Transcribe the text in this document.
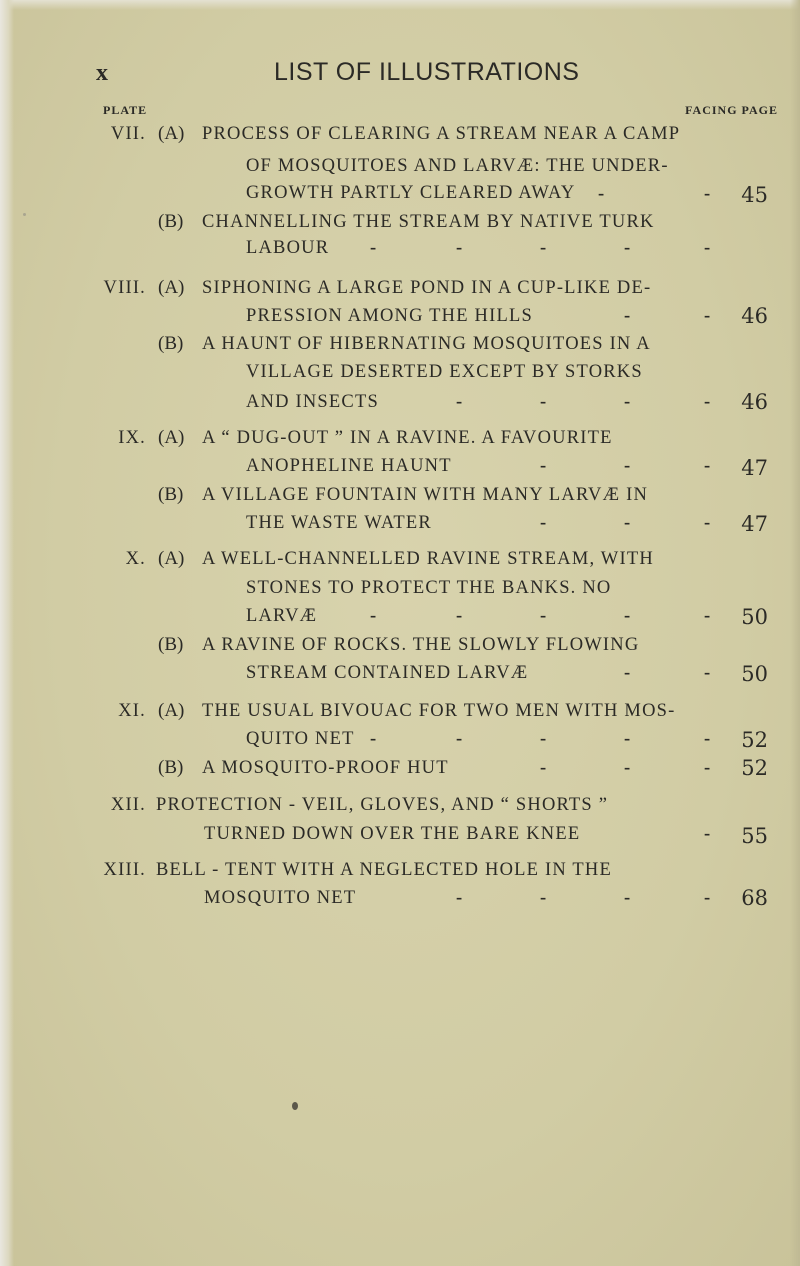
x	LIST OF ILLUSTRATIONS
PLATE	FACING PAGE
VII. (A) PROCESS OF CLEARING A STREAM NEAR A CAMP
OF MOSQUITOES AND LARVÆ: THE UNDER-
GROWTH PARTLY CLEARED AWAY -	- 45
(B) CHANNELLING THE STREAM BY NATIVE TURK
LABOUR -	-	-	-	-
VIII. (A) SIPHONING A LARGE POND IN A CUP-LIKE DE-
PRESSION AMONG THE HILLS	-	- 46
(B) A HAUNT OF HIBERNATING MOSQUITOES IN A
VILLAGE DESERTED EXCEPT BY STORKS
AND INSECTS	-	-	-	- 46
IX. (A) A “ DUG-OUT ” IN A RAVINE. A FAVOURITE
ANOPHELINE HAUNT	-	-	- 47
(B) A VILLAGE FOUNTAIN WITH MANY LARVÆ IN
THE WASTE WATER	-	-	- 47
X. (A) A WELL-CHANNELLED RAVINE STREAM, WITH
STONES TO PROTECT THE BANKS. NO
LARVÆ	-	-	-	-	- 50
(B) A RAVINE OF ROCKS. THE SLOWLY FLOWING
STREAM CONTAINED LARVÆ	-	- 50
XI. (A) THE USUAL BIVOUAC FOR TWO MEN WITH MOS-
QUITO NET -	-	-	-	- 52
(B) A MOSQUITO-PROOF HUT	-	-	- 52
XII. PROTECTION - VEIL, GLOVES, AND “ SHORTS ”
TURNED DOWN OVER THE BARE KNEE	- 55
XIII. BELL - TENT WITH A NEGLECTED HOLE IN THE
MOSQUITO NET	-	-	-	- 68
